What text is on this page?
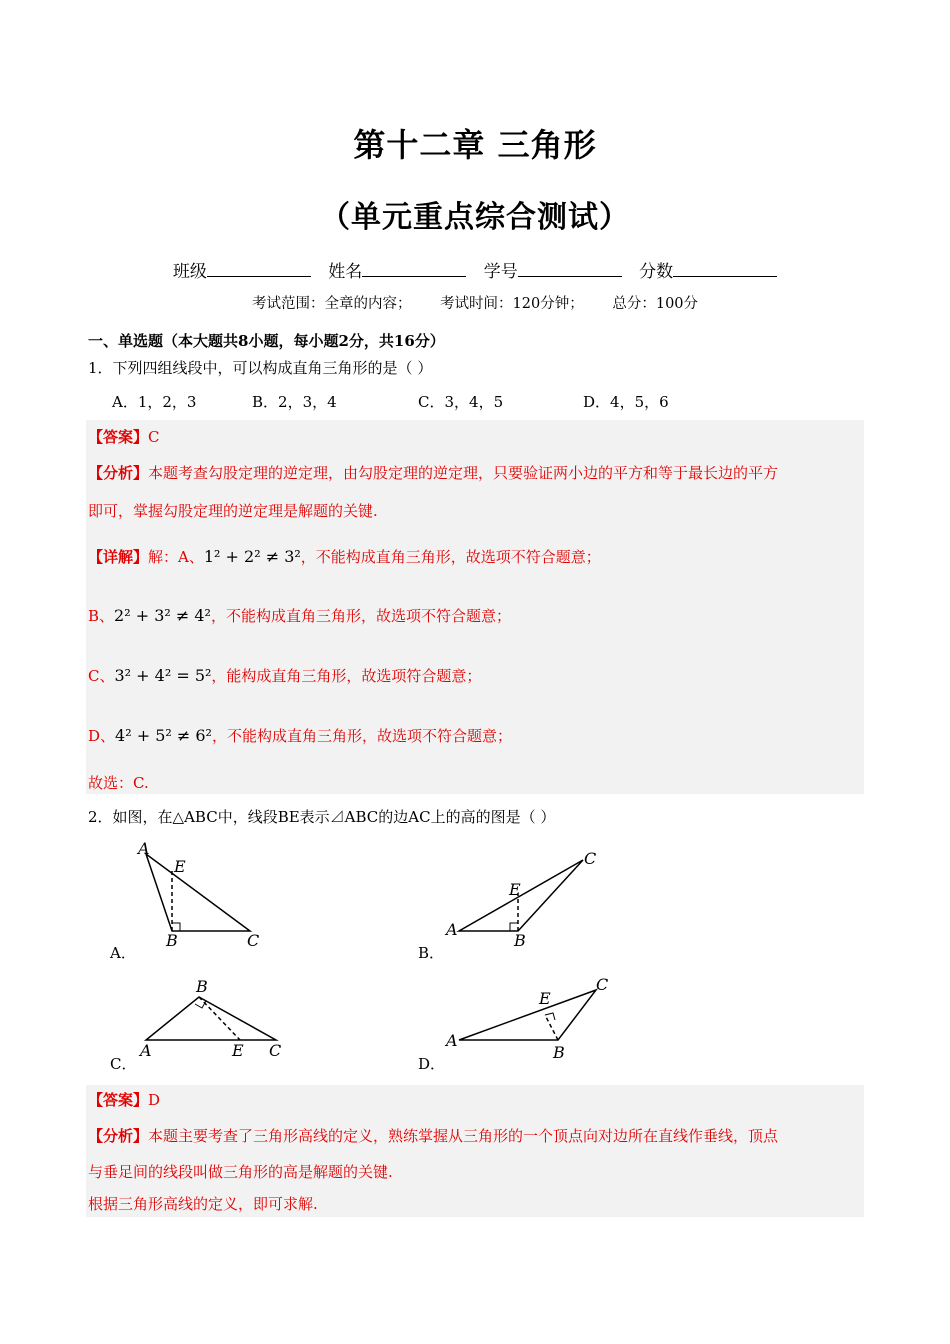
第十二章 三角形
（单元重点综合测试）
班级	姓名	学号	分数
考试范围：全章的内容； 考试时间：120分钟； 总分：100分
一、单选题（本大题共8小题，每小题2分，共16分）
1．下列四组线段中，可以构成直角三角形的是（ ）
A．1，2，3	B．2，3，4	C．3，4，5	D．4，5，6
【答案】C
【分析】本题考查勾股定理的逆定理，由勾股定理的逆定理，只要验证两小边的平方和等于最长边的平方
即可，掌握勾股定理的逆定理是解题的关键.
【详解】解：A、1² + 2² ≠ 3²，不能构成直角三角形，故选项不符合题意；
B、2² + 3² ≠ 4²，不能构成直角三角形，故选项不符合题意；
C、3² + 4² = 5²，能构成直角三角形，故选项符合题意；
D、4² + 5² ≠ 6²，不能构成直角三角形，故选项不符合题意；
故选：C.
2．如图，在△ABC中，线段BE表示⊿ABC的边AC上的高的图是（ ）
A
E
B	C
A
E
B
C
B
A	E C
A
E
B
C
A．	B．
C．	D．
【答案】D
【分析】本题主要考查了三角形高线的定义，熟练掌握从三角形的一个顶点向对边所在直线作垂线，顶点
与垂足间的线段叫做三角形的高是解题的关键.
根据三角形高线的定义，即可求解.
